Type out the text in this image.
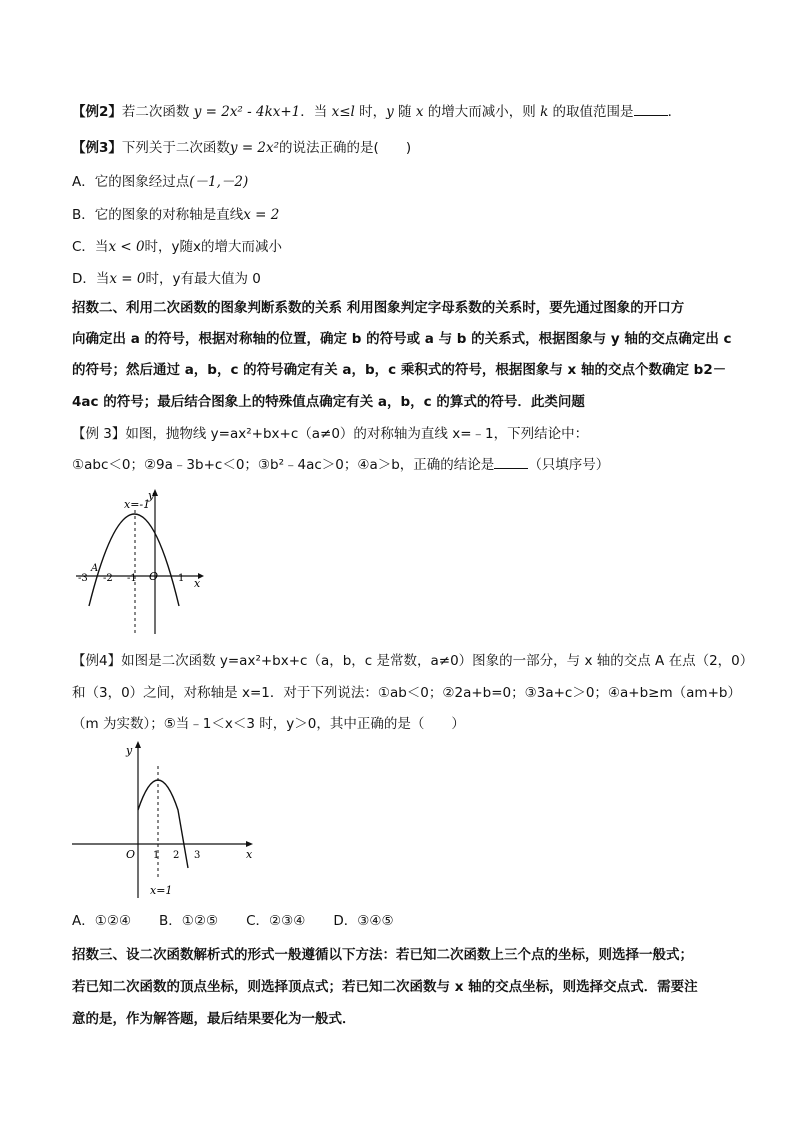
【例2】若二次函数 y = 2x² - 4kx+1．当 x≤l 时，y 随 x 的增大而减小，则 k 的取值范围是	．
【例3】下列关于二次函数y = 2x²的说法正确的是(　　)
A．它的图象经过点(－1,－2)
B．它的图象的对称轴是直线x = 2
C．当x < 0时，y随x的增大而减小
D．当x = 0时，y有最大值为 0
招数二、利用二次函数的图象判断系数的关系 利用图象判定字母系数的关系时，要先通过图象的开口方
向确定出 a 的符号，根据对称轴的位置，确定 b 的符号或 a 与 b 的关系式，根据图象与 y 轴的交点确定出 c
的符号；然后通过 a，b，c 的符号确定有关 a，b，c 乘积式的符号，根据图象与 x 轴的交点个数确定 b2－
4ac 的符号；最后结合图象上的特殊值点确定有关 a，b，c 的算式的符号．此类问题
【例 3】如图，抛物线 y=ax²+bx+c（a≠0）的对称轴为直线 x=﹣1，下列结论中：
①abc＜0；②9a﹣3b+c＜0；③b²﹣4ac＞0；④a＞b，正确的结论是	（只填序号）
x=-1
y
x
A
O
-3 -2 -1	1
【例4】如图是二次函数 y=ax²+bx+c（a，b，c 是常数，a≠0）图象的一部分，与 x 轴的交点 A 在点（2，0）
和（3，0）之间，对称轴是 x=1．对于下列说法：①ab＜0；②2a+b=0；③3a+c＞0；④a+b≥m（am+b）
（m 为实数）；⑤当﹣1＜x＜3 时，y＞0，其中正确的是（　　）
y
x
O 1 2 3
x=1
A．①②④ B．①②⑤ C．②③④ D．③④⑤
招数三、设二次函数解析式的形式一般遵循以下方法：若已知二次函数上三个点的坐标，则选择一般式；
若已知二次函数的顶点坐标，则选择顶点式；若已知二次函数与 x 轴的交点坐标，则选择交点式．需要注
意的是，作为解答题，最后结果要化为一般式．
